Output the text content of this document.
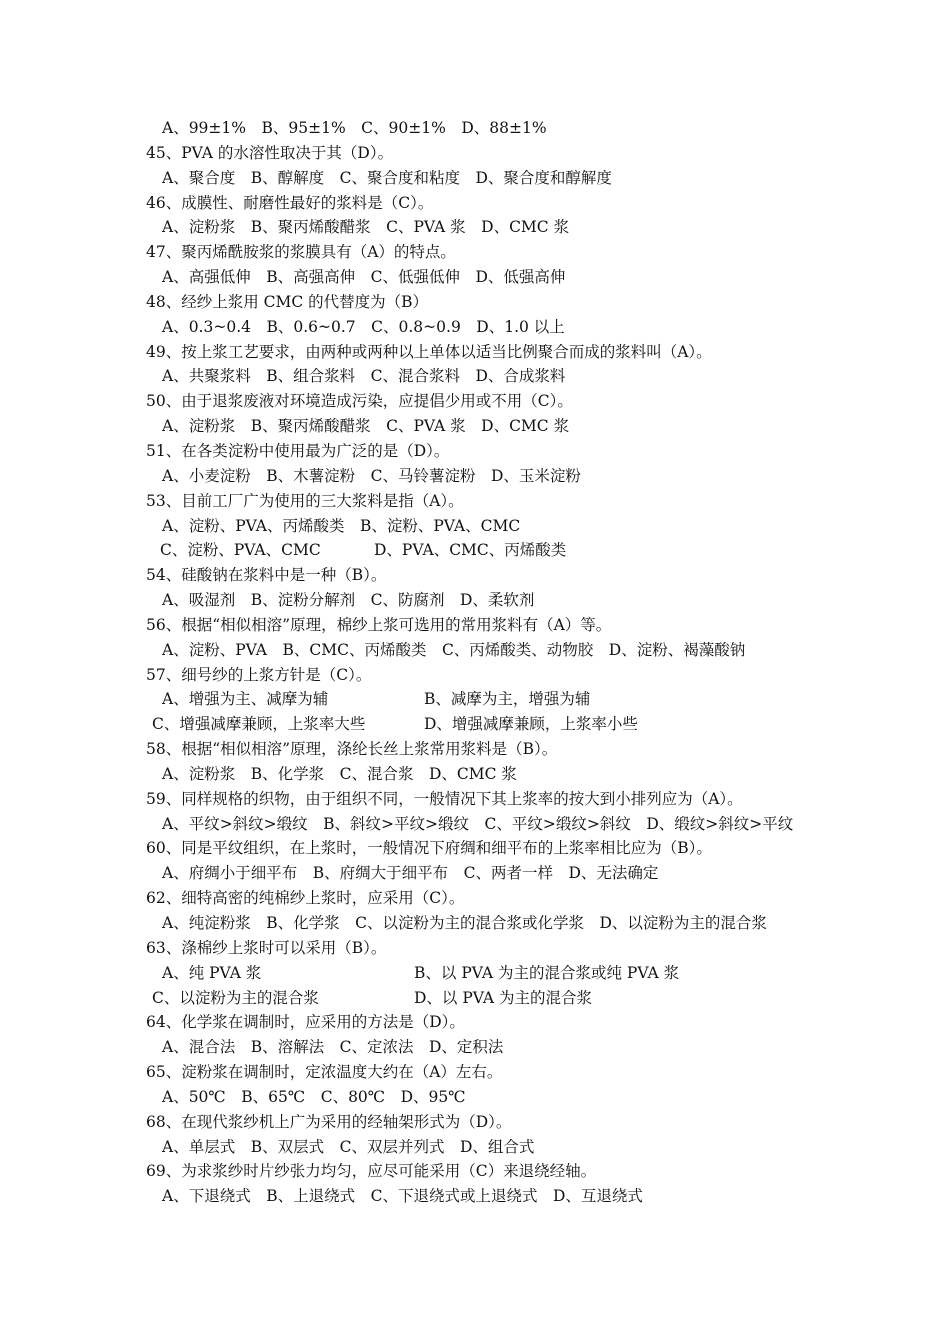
A、99±1%　B、95±1%　C、90±1%　D、88±1%
45、PVA 的水溶性取决于其（D）。
A、聚合度　B、醇解度　C、聚合度和粘度　D、聚合度和醇解度
46、成膜性、耐磨性最好的浆料是（C）。
A、淀粉浆　B、聚丙烯酸醋浆　C、PVA 浆　D、CMC 浆
47、聚丙烯酰胺浆的浆膜具有（A）的特点。
A、高强低伸　B、高强高伸　C、低强低伸　D、低强高伸
48、经纱上浆用 CMC 的代替度为（B）
A、0.3~0.4　B、0.6~0.7　C、0.8~0.9　D、1.0 以上
49、按上浆工艺要求，由两种或两种以上单体以适当比例聚合而成的浆料叫（A）。
A、共聚浆料　B、组合浆料　C、混合浆料　D、合成浆料
50、由于退浆废液对环境造成污染，应提倡少用或不用（C）。
A、淀粉浆　B、聚丙烯酸醋浆　C、PVA 浆　D、CMC 浆
51、在各类淀粉中使用最为广泛的是（D）。
A、小麦淀粉　B、木薯淀粉　C、马铃薯淀粉　D、玉米淀粉
53、目前工厂广为使用的三大浆料是指（A）。
A、淀粉、PVA、丙烯酸类　B、淀粉、PVA、CMC
C、淀粉、PVA、CMC	D、PVA、CMC、丙烯酸类
54、硅酸钠在浆料中是一种（B）。
A、吸湿剂　B、淀粉分解剂　C、防腐剂　D、柔软剂
56、根据“相似相溶”原理，棉纱上浆可选用的常用浆料有（A）等。
A、淀粉、PVA　B、CMC、丙烯酸类　C、丙烯酸类、动物胶　D、淀粉、褐藻酸钠
57、细号纱的上浆方针是（C）。
A、增强为主、减摩为辅	B、减摩为主，增强为辅
C、增强减摩兼顾，上浆率大些	D、增强减摩兼顾，上浆率小些
58、根据“相似相溶”原理，涤纶长丝上浆常用浆料是（B）。
A、淀粉浆　B、化学浆　C、混合浆　D、CMC 浆
59、同样规格的织物，由于组织不同，一般情况下其上浆率的按大到小排列应为（A）。
A、平纹>斜纹>缎纹　B、斜纹>平纹>缎纹　C、平纹>缎纹>斜纹　D、缎纹>斜纹>平纹
60、同是平纹组织，在上浆时，一般情况下府绸和细平布的上浆率相比应为（B）。
A、府绸小于细平布　B、府绸大于细平布　C、两者一样　D、无法确定
62、细特高密的纯棉纱上浆时，应采用（C）。
A、纯淀粉浆　B、化学浆　C、以淀粉为主的混合浆或化学浆　D、以淀粉为主的混合浆
63、涤棉纱上浆时可以采用（B）。
A、纯 PVA 浆	B、以 PVA 为主的混合浆或纯 PVA 浆
C、以淀粉为主的混合浆	D、以 PVA 为主的混合浆
64、化学浆在调制时，应采用的方法是（D）。
A、混合法　B、溶解法　C、定浓法　D、定积法
65、淀粉浆在调制时，定浓温度大约在（A）左右。
A、50℃　B、65℃　C、80℃　D、95℃
68、在现代浆纱机上广为采用的经轴架形式为（D）。
A、单层式　B、双层式　C、双层并列式　D、组合式
69、为求浆纱时片纱张力均匀，应尽可能采用（C）来退绕经轴。
A、下退绕式　B、上退绕式　C、下退绕式或上退绕式　D、互退绕式
